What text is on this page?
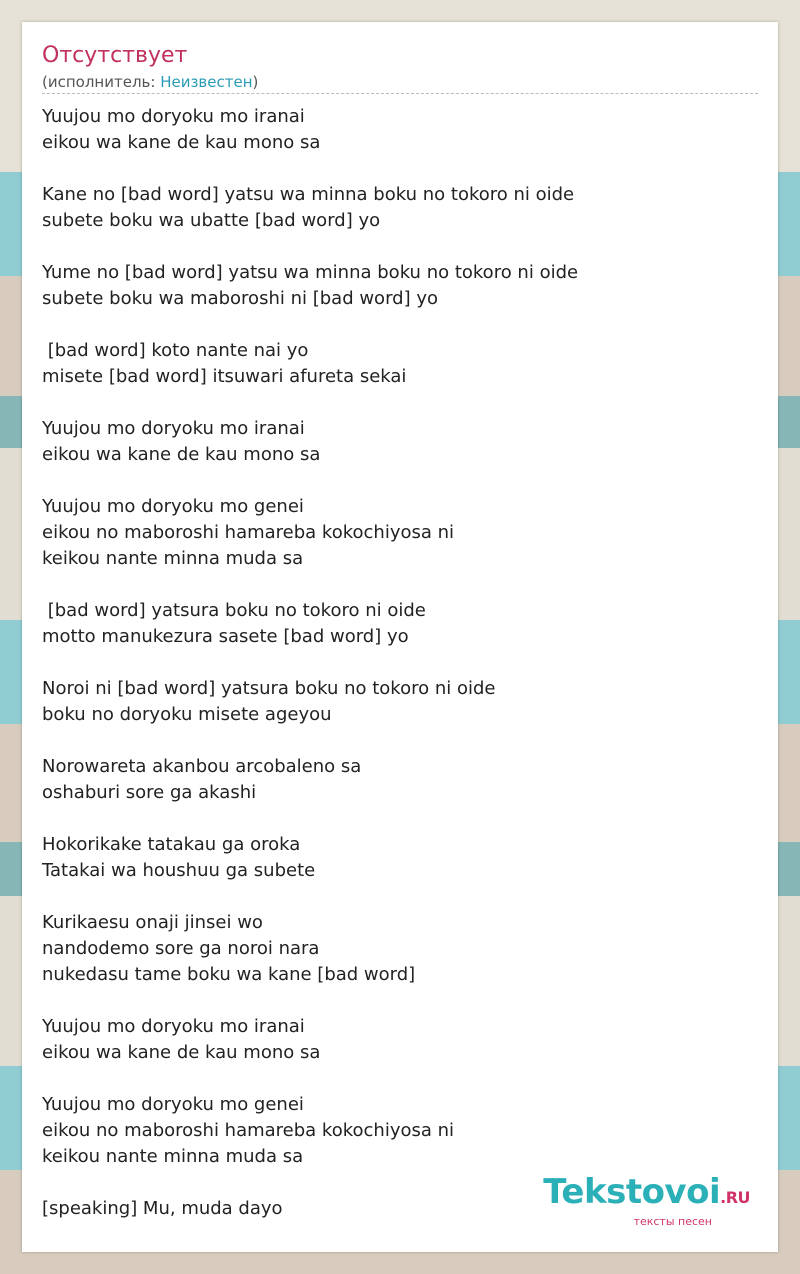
Отсутствует
(исполнитель: Неизвестен)
Yuujou mo doryoku mo iranai
eikou wa kane de kau mono sa
Kane no [bad word] yatsu wa minna boku no tokoro ni oide
subete boku wa ubatte [bad word] yo
Yume no [bad word] yatsu wa minna boku no tokoro ni oide
subete boku wa maboroshi ni [bad word] yo
[bad word] koto nante nai yo
misete [bad word] itsuwari afureta sekai
Yuujou mo doryoku mo iranai
eikou wa kane de kau mono sa
Yuujou mo doryoku mo genei
eikou no maboroshi hamareba kokochiyosa ni
keikou nante minna muda sa
[bad word] yatsura boku no tokoro ni oide
motto manukezura sasete [bad word] yo
Noroi ni [bad word] yatsura boku no tokoro ni oide
boku no doryoku misete ageyou
Norowareta akanbou arcobaleno sa
oshaburi sore ga akashi
Hokorikake tatakau ga oroka
Tatakai wa houshuu ga subete
Kurikaesu onaji jinsei wo
nandodemo sore ga noroi nara
nukedasu tame boku wa kane [bad word]
Yuujou mo doryoku mo iranai
eikou wa kane de kau mono sa
Yuujou mo doryoku mo genei
eikou no maboroshi hamareba kokochiyosa ni
keikou nante minna muda sa
[speaking] Mu, muda dayo	Tekstovoi.RU
тексты песен
